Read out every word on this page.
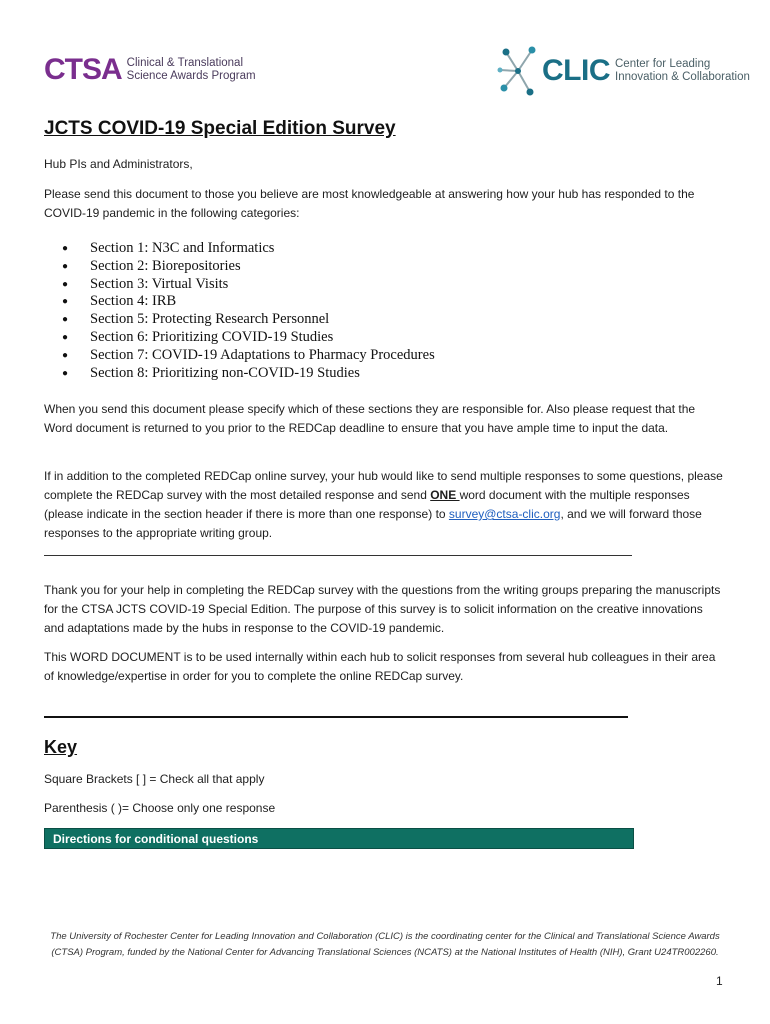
CTSA Clinical & Translational
Science Awards Program	CLIC Center for Leading
Innovation & Collaboration
JCTS COVID-19 Special Edition Survey
Hub PIs and Administrators,
Please send this document to those you believe are most knowledgeable at answering how your hub has responded to the COVID-19 pandemic in the following categories:
●	Section 1: N3C and Informatics
●	Section 2: Biorepositories
●	Section 3: Virtual Visits
●	Section 4: IRB
●	Section 5: Protecting Research Personnel
●	Section 6: Prioritizing COVID-19 Studies
●	Section 7: COVID-19 Adaptations to Pharmacy Procedures
●	Section 8: Prioritizing non-COVID-19 Studies
When you send this document please specify which of these sections they are responsible for. Also please request that the Word document is returned to you prior to the REDCap deadline to ensure that you have ample time to input the data.
If in addition to the completed REDCap online survey, your hub would like to send multiple responses to some questions, please complete the REDCap survey with the most detailed response and send ONE word document with the multiple responses (please indicate in the section header if there is more than one response) to survey@ctsa-clic.org, and we will forward those responses to the appropriate writing group.
Thank you for your help in completing the REDCap survey with the questions from the writing groups preparing the manuscripts for the CTSA JCTS COVID-19 Special Edition. The purpose of this survey is to solicit information on the creative innovations and adaptations made by the hubs in response to the COVID-19 pandemic.
This WORD DOCUMENT is to be used internally within each hub to solicit responses from several hub colleagues in their area of knowledge/expertise in order for you to complete the online REDCap survey.
Key
Square Brackets [ ] = Check all that apply
Parenthesis ( )= Choose only one response
Directions for conditional questions
The University of Rochester Center for Leading Innovation and Collaboration (CLIC) is the coordinating center for the Clinical and Translational Science Awards (CTSA) Program, funded by the National Center for Advancing Translational Sciences (NCATS) at the National Institutes of Health (NIH), Grant U24TR002260.
1
